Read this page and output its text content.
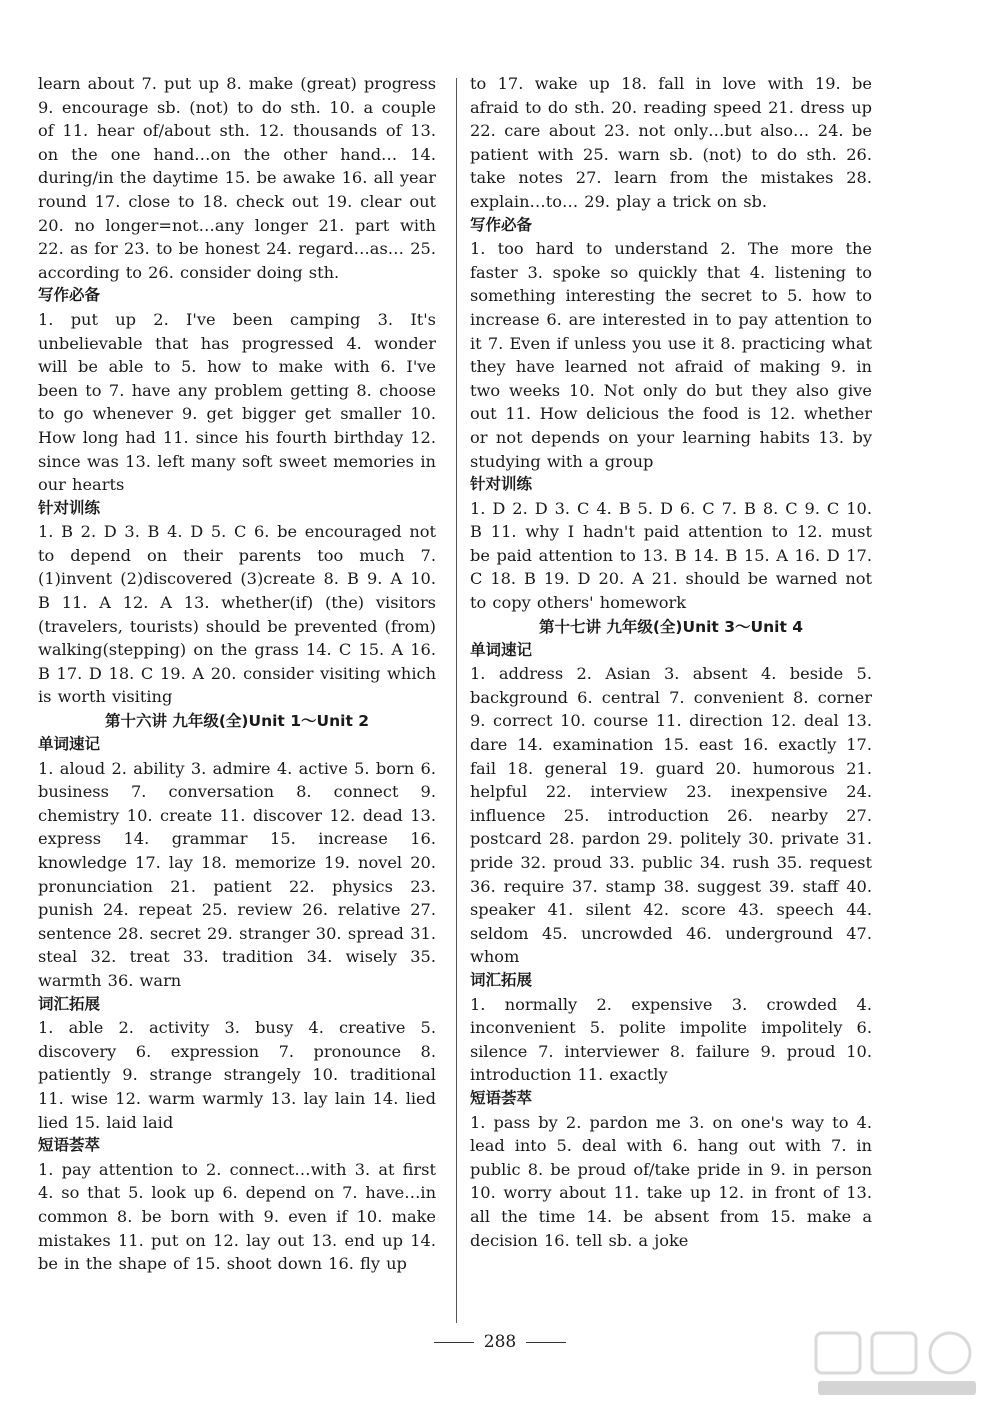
learn about 7. put up 8. make (great) progress 9. encourage sb. (not) to do sth. 10. a couple of 11. hear of/about sth. 12. thousands of 13. on the one hand…on the other hand… 14. during/in the daytime 15. be awake 16. all year round 17. close to 18. check out 19. clear out 20. no longer=not…any longer 21. part with 22. as for 23. to be honest 24. regard…as… 25. according to 26. consider doing sth.

写作必备

1. put up 2. I've been camping 3. It's unbelievable that has progressed 4. wonder will be able to 5. how to make with 6. I've been to 7. have any problem getting 8. choose to go whenever 9. get bigger get smaller 10. How long had 11. since his fourth birthday 12. since was 13. left many soft sweet memories in our hearts

针对训练

1. B 2. D 3. B 4. D 5. C 6. be encouraged not to depend on their parents too much 7. (1)invent (2)discovered (3)create 8. B 9. A 10. B 11. A 12. A 13. whether(if) (the) visitors (travelers, tourists) should be prevented (from) walking(stepping) on the grass 14. C 15. A 16. B 17. D 18. C 19. A 20. consider visiting which is worth visiting

第十六讲 九年级(全)Unit 1～Unit 2

单词速记

1. aloud 2. ability 3. admire 4. active 5. born 6. business 7. conversation 8. connect 9. chemistry 10. create 11. discover 12. dead 13. express 14. grammar 15. increase 16. knowledge 17. lay 18. memorize 19. novel 20. pronunciation 21. patient 22. physics 23. punish 24. repeat 25. review 26. relative 27. sentence 28. secret 29. stranger 30. spread 31. steal 32. treat 33. tradition 34. wisely 35. warmth 36. warn

词汇拓展

1. able 2. activity 3. busy 4. creative 5. discovery 6. expression 7. pronounce 8. patiently 9. strange strangely 10. traditional 11. wise 12. warm warmly 13. lay lain 14. lied lied 15. laid laid

短语荟萃

1. pay attention to 2. connect…with 3. at first 4. so that 5. look up 6. depend on 7. have…in common 8. be born with 9. even if 10. make mistakes 11. put on 12. lay out 13. end up 14. be in the shape of 15. shoot down 16. fly up

to 17. wake up 18. fall in love with 19. be afraid to do sth. 20. reading speed 21. dress up 22. care about 23. not only…but also… 24. be patient with 25. warn sb. (not) to do sth. 26. take notes 27. learn from the mistakes 28. explain…to… 29. play a trick on sb.

写作必备

1. too hard to understand 2. The more the faster 3. spoke so quickly that 4. listening to something interesting the secret to 5. how to increase 6. are interested in to pay attention to it 7. Even if unless you use it 8. practicing what they have learned not afraid of making 9. in two weeks 10. Not only do but they also give out 11. How delicious the food is 12. whether or not depends on your learning habits 13. by studying with a group

针对训练

1. D 2. D 3. C 4. B 5. D 6. C 7. B 8. C 9. C 10. B 11. why I hadn't paid attention to 12. must be paid attention to 13. B 14. B 15. A 16. D 17. C 18. B 19. D 20. A 21. should be warned not to copy others' homework

第十七讲 九年级(全)Unit 3～Unit 4

单词速记

1. address 2. Asian 3. absent 4. beside 5. background 6. central 7. convenient 8. corner 9. correct 10. course 11. direction 12. deal 13. dare 14. examination 15. east 16. exactly 17. fail 18. general 19. guard 20. humorous 21. helpful 22. interview 23. inexpensive 24. influence 25. introduction 26. nearby 27. postcard 28. pardon 29. politely 30. private 31. pride 32. proud 33. public 34. rush 35. request 36. require 37. stamp 38. suggest 39. staff 40. speaker 41. silent 42. score 43. speech 44. seldom 45. uncrowded 46. underground 47. whom

词汇拓展

1. normally 2. expensive 3. crowded 4. inconvenient 5. polite impolite impolitely 6. silence 7. interviewer 8. failure 9. proud 10. introduction 11. exactly

短语荟萃

1. pass by 2. pardon me 3. on one's way to 4. lead into 5. deal with 6. hang out with 7. in public 8. be proud of/take pride in 9. in person 10. worry about 11. take up 12. in front of 13. all the time 14. be absent from 15. make a decision 16. tell sb. a joke

288
